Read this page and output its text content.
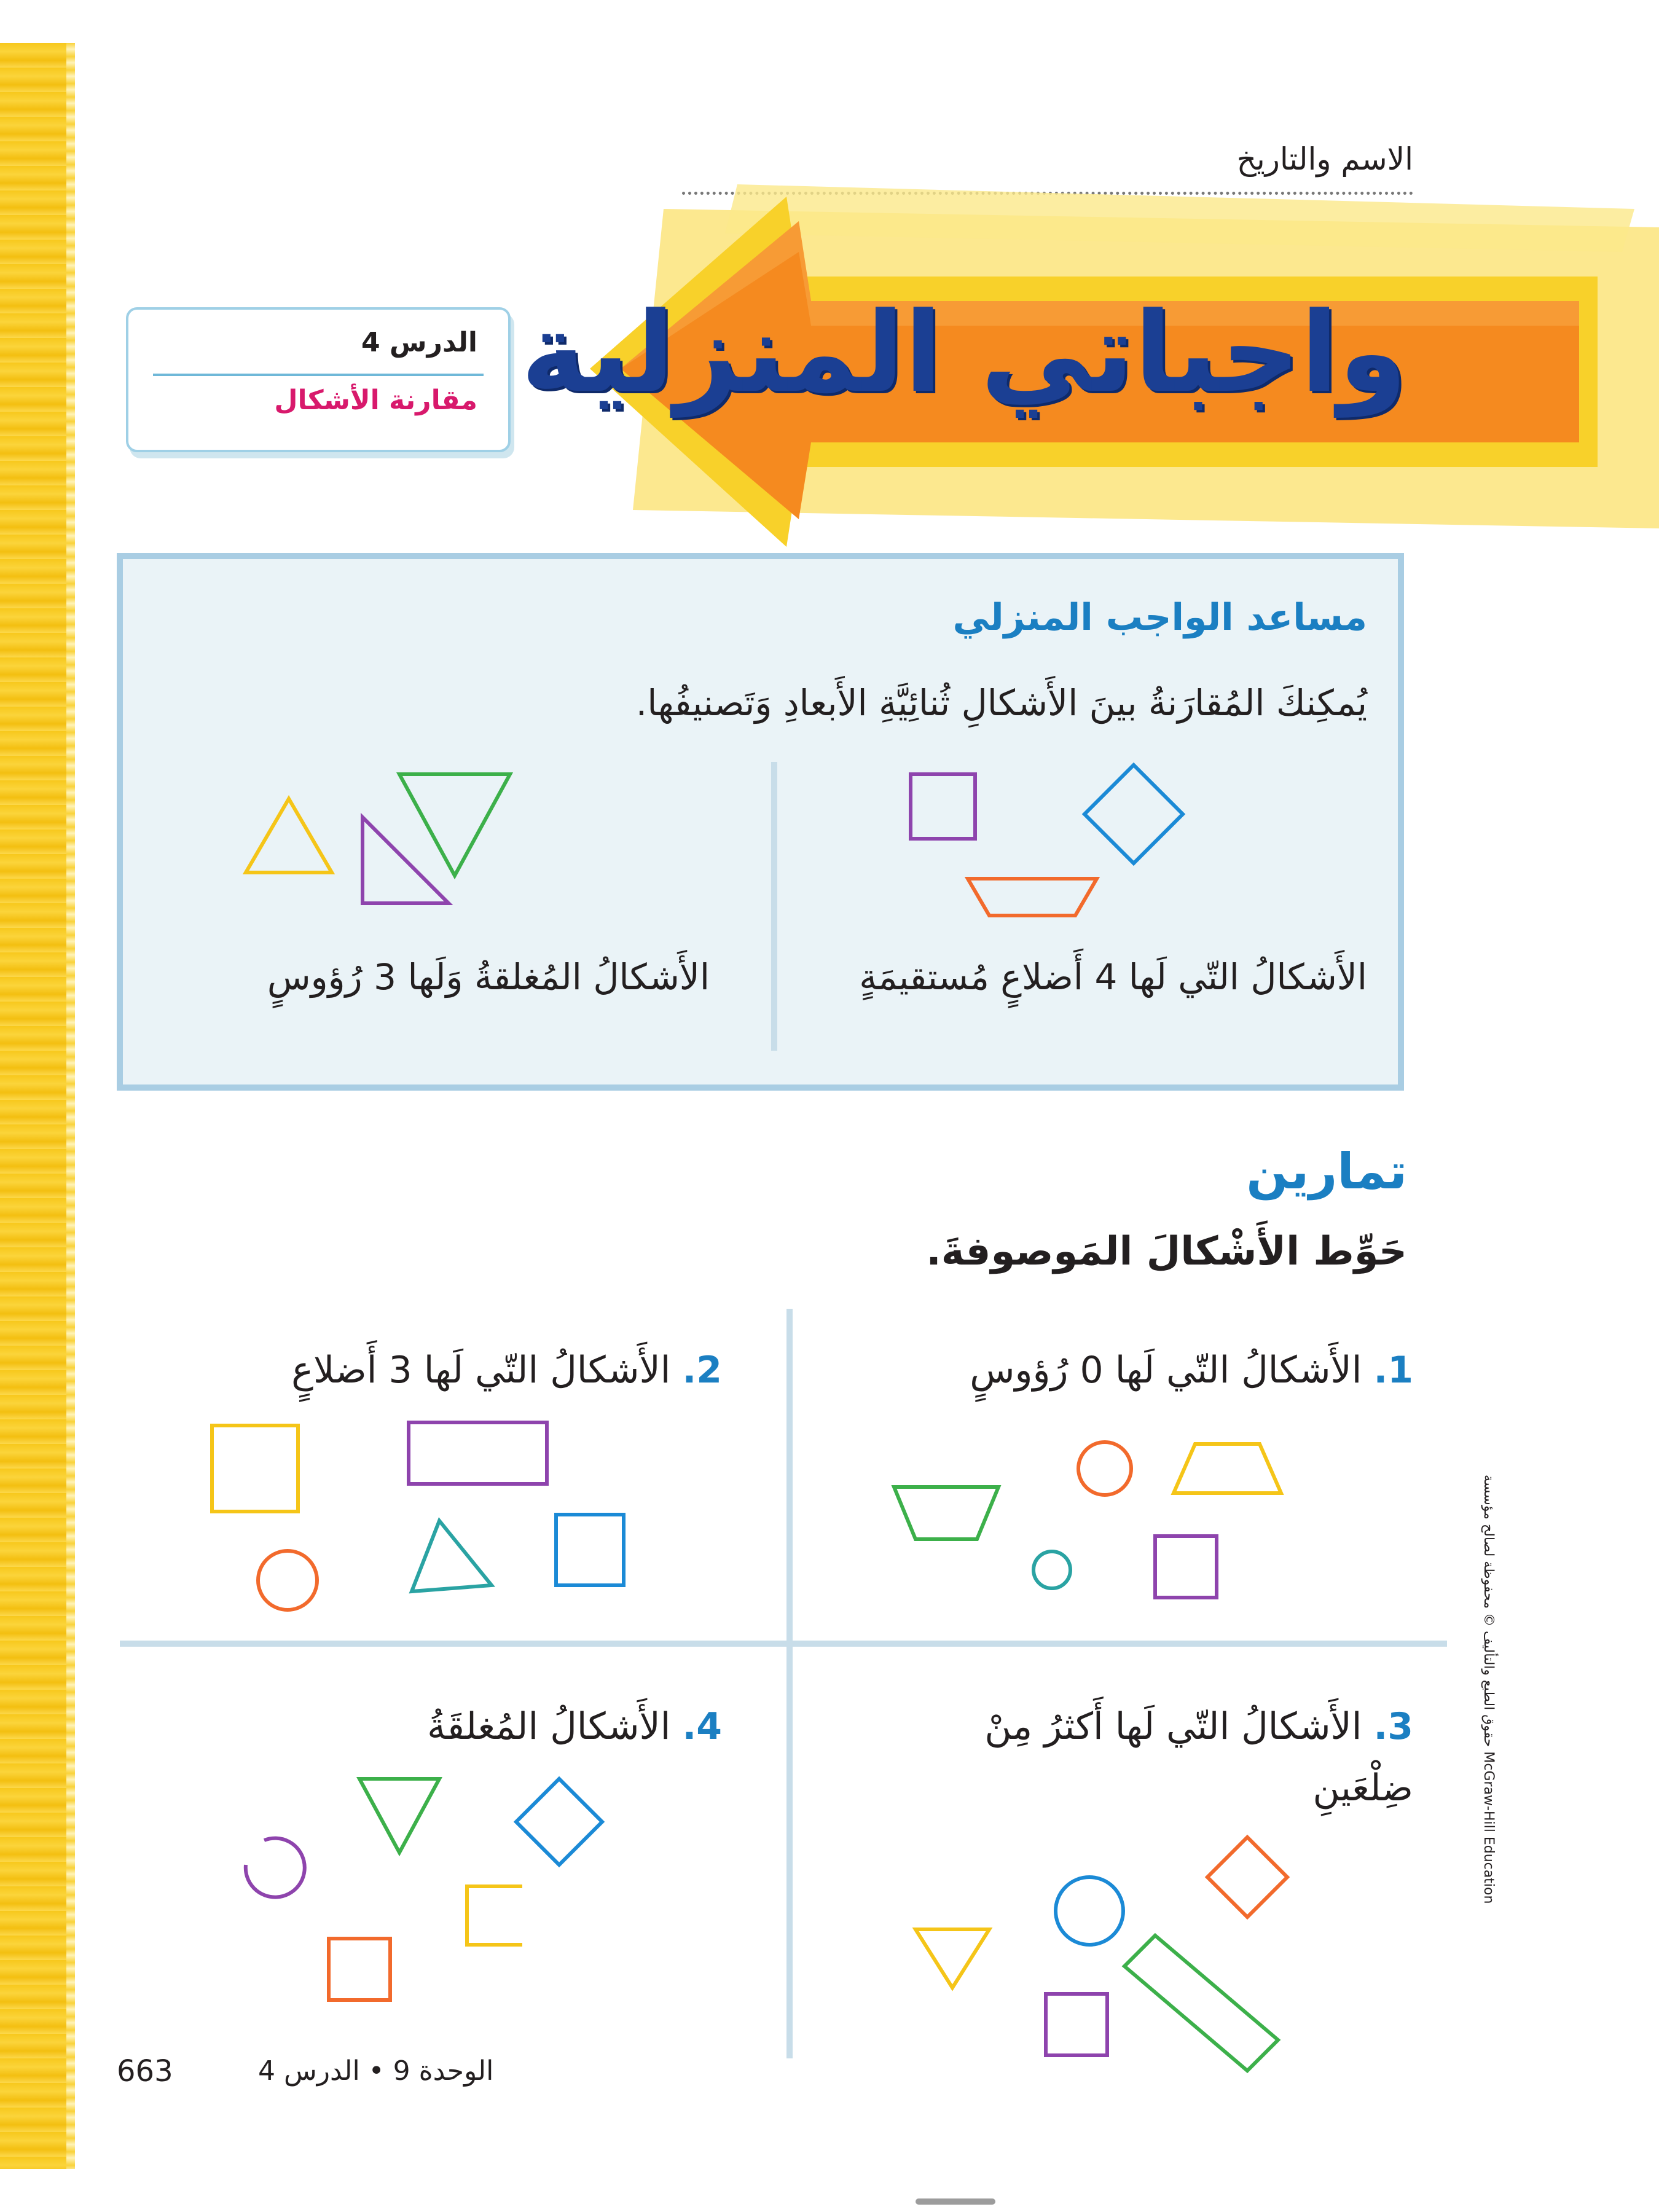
الاسم والتاريخ
واجباتي المنزلية
الدرس 4
مقارنة الأشكال
مساعد الواجب المنزلي
يُمكِنكَ المُقارَنةُ بينَ الأَشكالِ ثُنائِيَّةِ الأَبعادِ وَتَصنيفُها.
الأَشكالُ التّي لَها 4 أَضلاعٍ مُستقيمَةٍ
الأَشكالُ المُغلقةُ وَلَها 3 رُؤوسٍ
تمارين
حَوِّط الأَشْكالَ المَوصوفةَ.
1. الأَشكالُ التّي لَها 0 رُؤوسٍ
2. الأَشكالُ التّي لَها 3 أَضلاعٍ
3. الأَشكالُ التّي لَها أَكثرُ مِنْ ضِلْعَينِ
4. الأَشكالُ المُغلقَةُ
الوحدة 9 • الدرس 4
663
حقوق الطبع والتأليف © محفوظة لصالح مؤسسة McGraw-Hill Education
